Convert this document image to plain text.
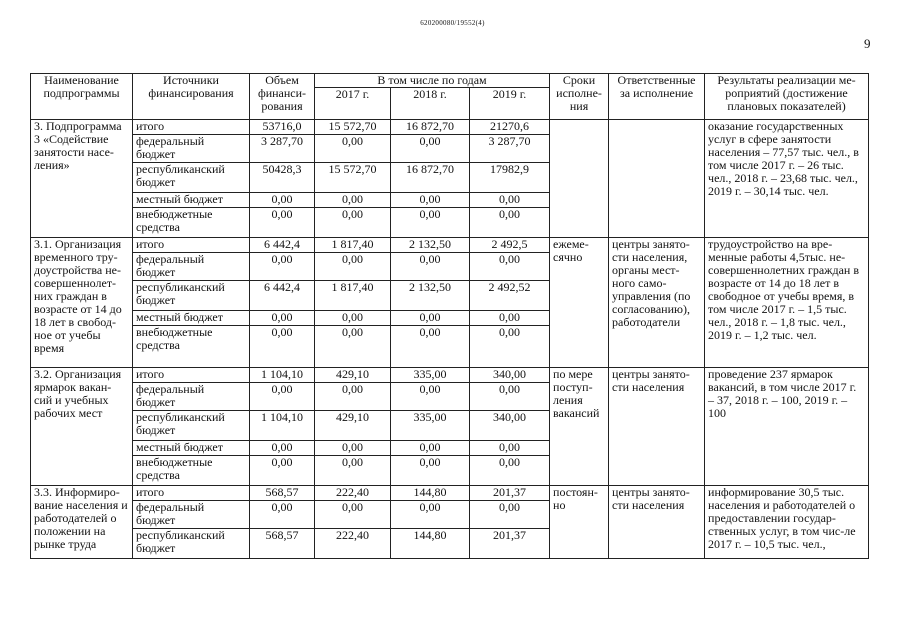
620200080/19552(4)
9
Наименование подпрограммы	Источники финансирования	Объем финанси-рования	В том числе по годам			Сроки исполне-ния	Ответственные за исполнение	Результаты реализации ме-роприятий (достижение плановых показателей)
			2017 г.	2018 г.	2019 г.			
3. Подпрограмма 3 «Содействие занятости насе-ления»	итого	53716,0	15 572,70	16 872,70	21270,6			оказание государственных услуг в сфере занятости населения – 77,57 тыс. чел., в том числе 2017 г. – 26 тыс. чел., 2018 г. – 23,68 тыс. чел., 2019 г. – 30,14 тыс. чел.
	федеральный бюджет	3 287,70	0,00	0,00	3 287,70			
	республиканский бюджет	50428,3	15 572,70	16 872,70	17982,9			
	местный бюджет	0,00	0,00	0,00	0,00			
	внебюджетные средства	0,00	0,00	0,00	0,00			
3.1. Организация временного тру-доустройства не-совершеннолет-них граждан в возрасте от 14 до 18 лет в свобод-ное от учебы время	итого	6 442,4	1 817,40	2 132,50	2 492,5	ежеме-сячно	центры занято-сти населения, органы мест-ного само-управления (по согласованию), работодатели	трудоустройство на вре-менные работы 4,5тыс. не-совершеннолетних граждан в возрасте от 14 до 18 лет в свободное от учебы время, в том числе 2017 г. – 1,5 тыс. чел., 2018 г. – 1,8 тыс. чел., 2019 г. – 1,2 тыс. чел.
	федеральный бюджет	0,00	0,00	0,00	0,00			
	республиканский бюджет	6 442,4	1 817,40	2 132,50	2 492,52			
	местный бюджет	0,00	0,00	0,00	0,00			
	внебюджетные средства	0,00	0,00	0,00	0,00			
3.2. Организация ярмарок вакан-сий и учебных рабочих мест	итого	1 104,10	429,10	335,00	340,00	по мере поступ-ления вакансий	центры занято-сти населения	проведение 237 ярмарок вакансий, в том числе 2017 г. – 37, 2018 г. – 100, 2019 г. – 100
	федеральный бюджет	0,00	0,00	0,00	0,00			
	республиканский бюджет	1 104,10	429,10	335,00	340,00			
	местный бюджет	0,00	0,00	0,00	0,00			
	внебюджетные средства	0,00	0,00	0,00	0,00			
3.3. Информиро-вание населения и работодателей о положении на рынке труда	итого	568,57	222,40	144,80	201,37	постоян-но	центры занято-сти населения	информирование 30,5 тыс. населения и работодателей о предоставлении государ-ственных услуг, в том чис-ле 2017 г. – 10,5 тыс. чел.,
	федеральный бюджет	0,00	0,00	0,00	0,00			
	республиканский бюджет	568,57	222,40	144,80	201,37			
